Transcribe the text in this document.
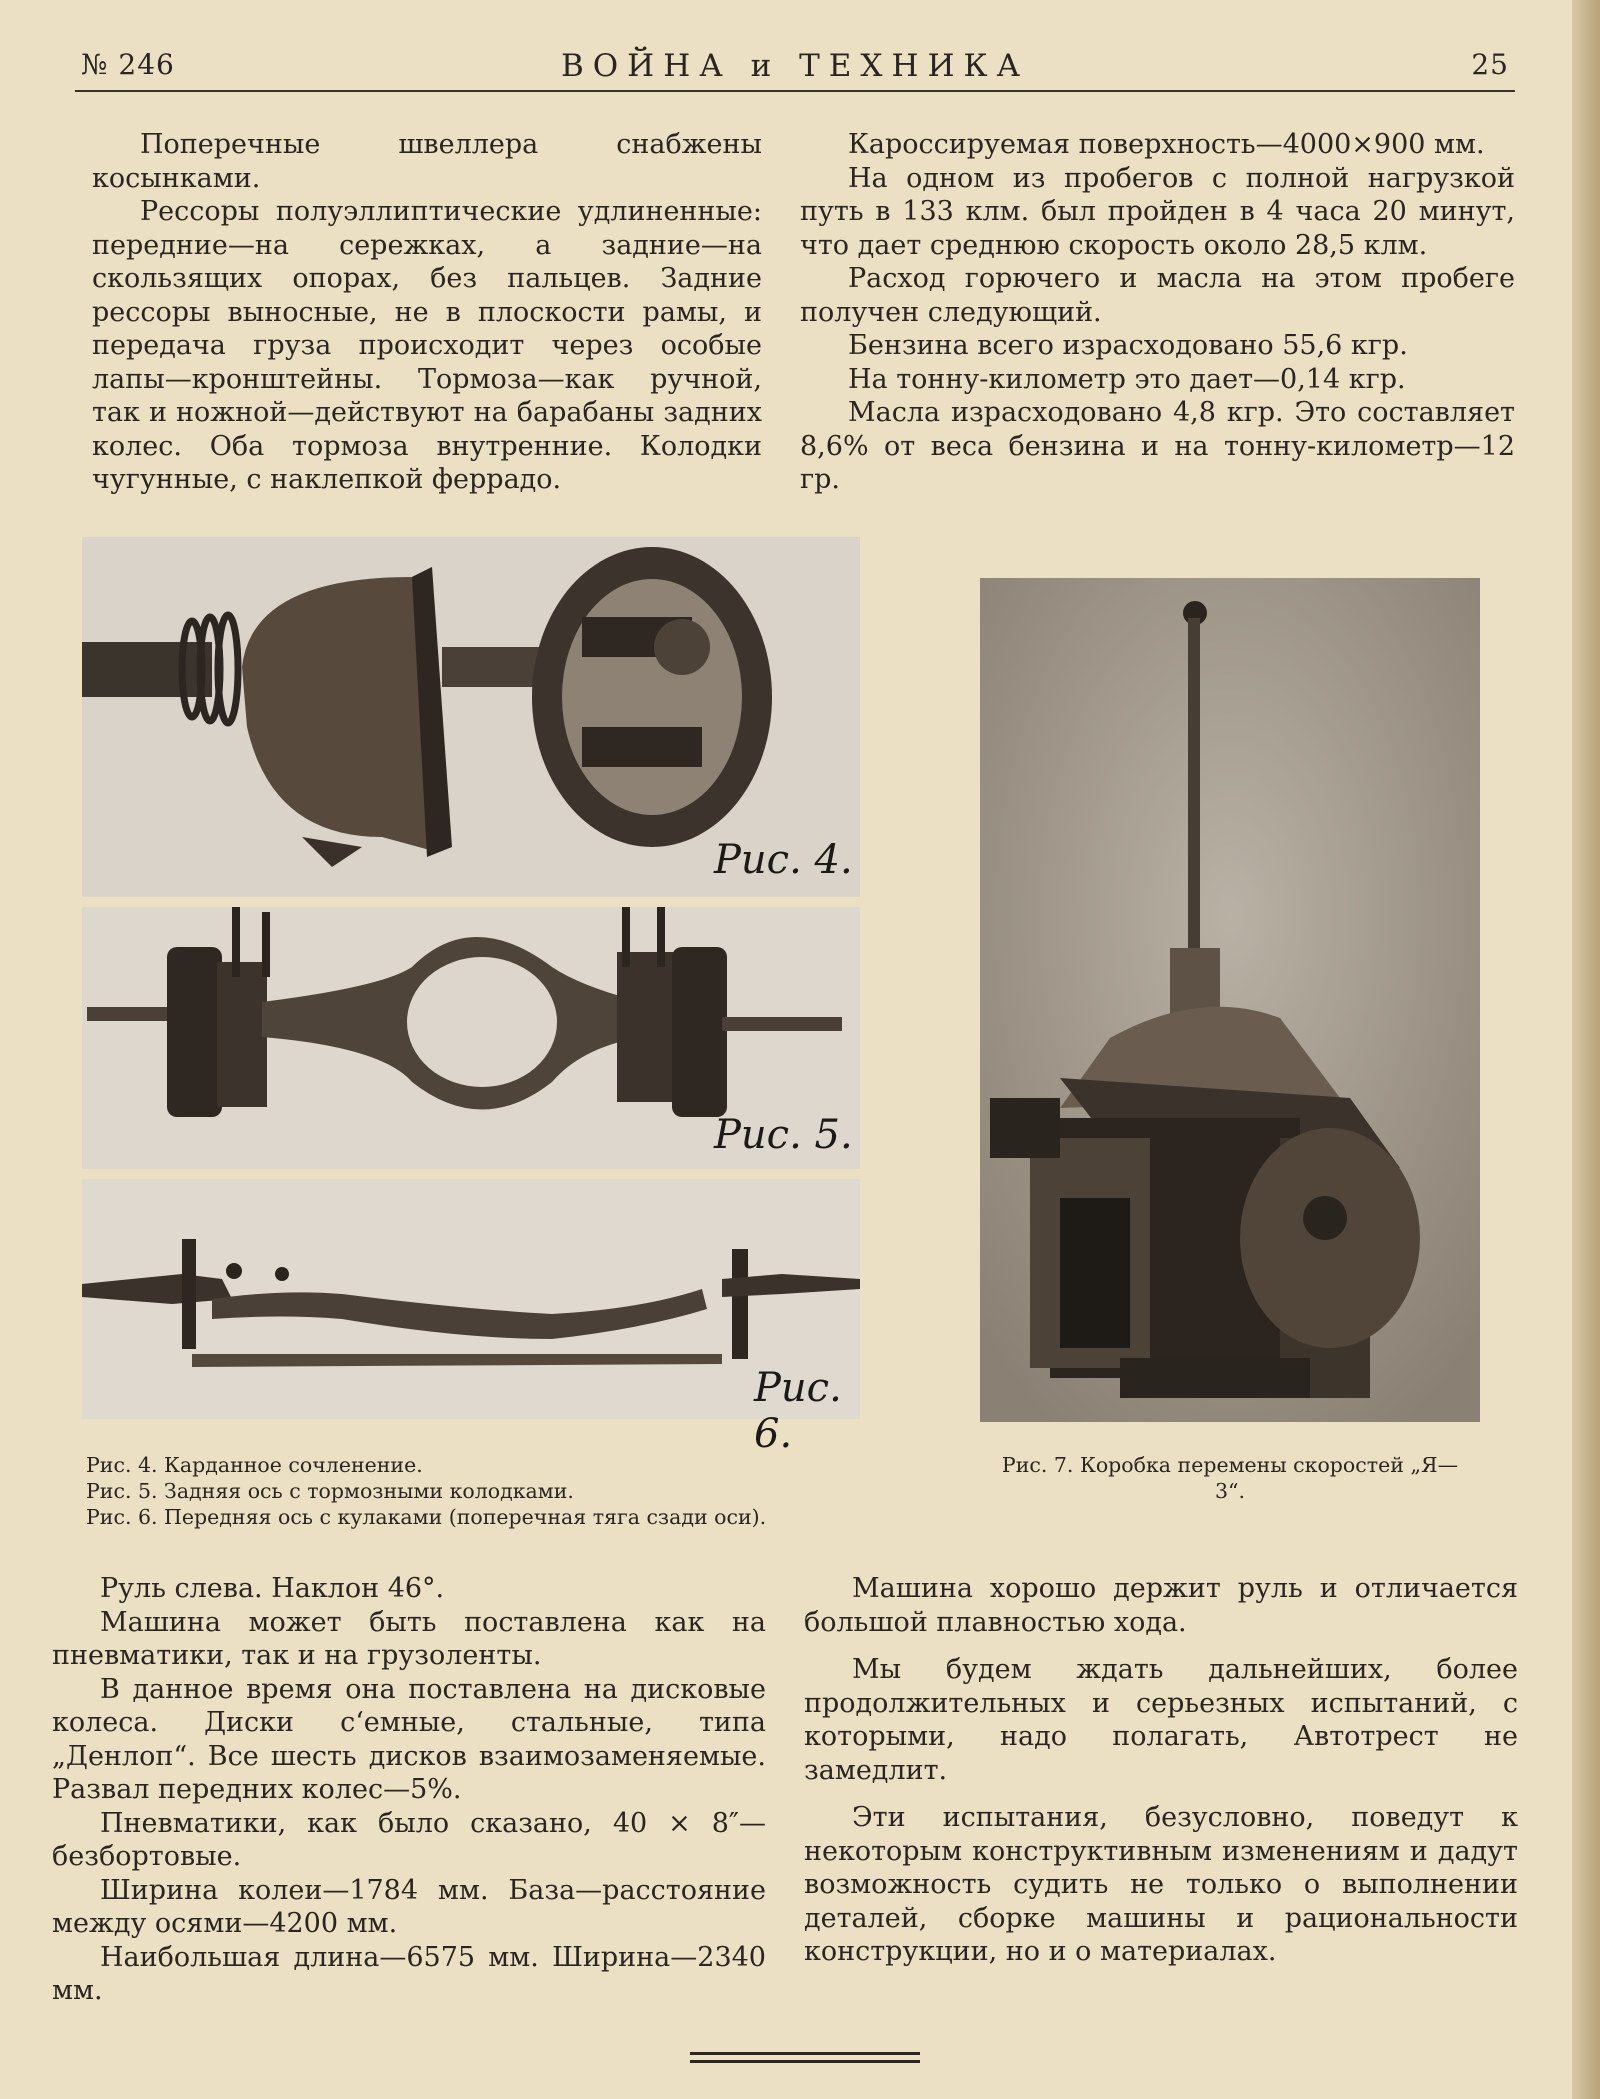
ВОЙНА и ТЕХНИКА
№ 246	25

Поперечные швеллера снабжены косынками.

Рессоры полуэллиптические удлиненные: передние—на сережках, а задние—на скользящих опорах, без пальцев. Задние рессоры выносные, не в плоскости рамы, и передача груза происходит через особые лапы—кронштейны. Тормоза—как ручной, так и ножной—действуют на барабаны задних колес. Оба тормоза внутренние. Колодки чугунные, с наклепкой феррадо.

Кароссируемая поверхность—4000×900 мм.

На одном из пробегов с полной нагрузкой путь в 133 клм. был пройден в 4 часа 20 минут, что дает среднюю скорость около 28,5 клм.

Расход горючего и масла на этом пробеге получен следующий.

Бензина всего израсходовано 55,6 кгр.

На тонну-километр это дает—0,14 кгр.

Масла израсходовано 4,8 кгр. Это составляет 8,6% от веса бензина и на тонну-километр—12 гр.

Рис. 4.
Рис. 5.
Рис. 6.
Рис. 4. Карданное сочленение.
Рис. 5. Задняя ось с тормозными колодками.
Рис. 6. Передняя ось с кулаками (поперечная тяга сзади оси).
Рис. 7. Коробка перемены скоростей „Я—3“.

Руль слева. Наклон 46°.

Машина может быть поставлена как на пневматики, так и на грузоленты.

В данное время она поставлена на дисковые колеса. Диски с‘емные, стальные, типа „Денлоп“. Все шесть дисков взаимозаменяемые. Развал передних колес—5%.

Пневматики, как было сказано, 40 × 8″—безбортовые.

Ширина колеи—1784 мм. База—расстояние между осями—4200 мм.

Наибольшая длина—6575 мм. Ширина—2340 мм.

Машина хорошо держит руль и отличается большой плавностью хода.

Мы будем ждать дальнейших, более продолжительных и серьезных испытаний, с которыми, надо полагать, Автотрест не замедлит.

Эти испытания, безусловно, поведут к некоторым конструктивным изменениям и дадут возможность судить не только о выполнении деталей, сборке машины и рациональности конструкции, но и о материалах.
